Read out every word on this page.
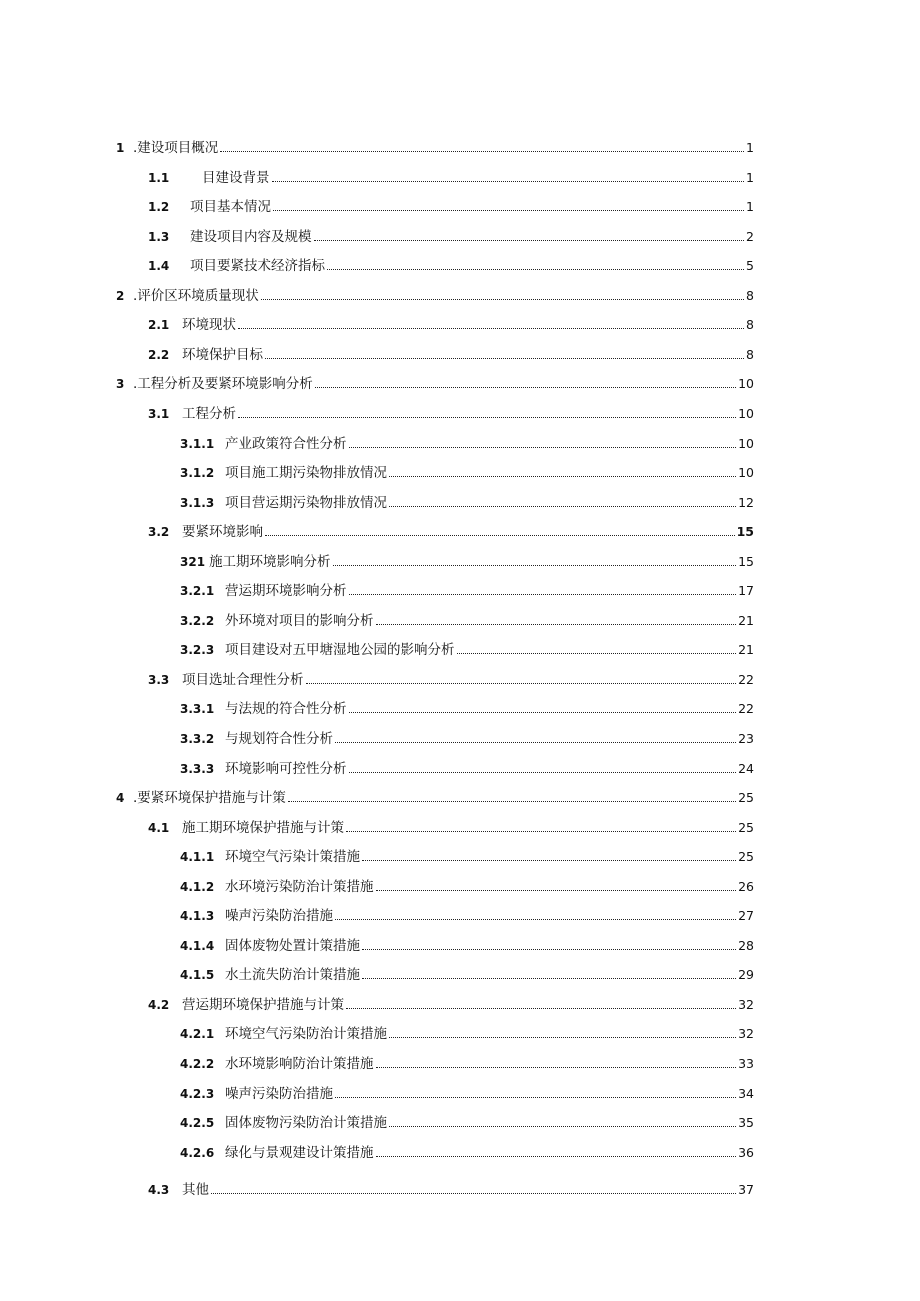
1 .建设项目概况	1
1.1	目建设背景	1
1.2	项目基本情况	1
1.3	建设项目内容及规模	2
1.4	项目要紧技术经济指标	5
2 .评价区环境质量现状	8
2.1 环境现状	8
2.2 环境保护目标	8
3 .工程分析及要紧环境影响分析	10
3.1 工程分析	10
3.1.1 产业政策符合性分析	10
3.1.2 项目施工期污染物排放情况	10
3.1.3 项目营运期污染物排放情况	12
3.2 要紧环境影响	15
321 施工期环境影响分析	15
3.2.1 营运期环境影响分析	17
3.2.2 外环境对项目的影响分析	21
3.2.3 项目建设对五甲塘湿地公园的影响分析	21
3.3 项目选址合理性分析	22
3.3.1 与法规的符合性分析	22
3.3.2 与规划符合性分析	23
3.3.3 环境影响可控性分析	24
4 .要紧环境保护措施与计策	25
4.1 施工期环境保护措施与计策	25
4.1.1 环境空气污染计策措施	25
4.1.2 水环境污染防治计策措施	26
4.1.3 噪声污染防治措施	27
4.1.4 固体废物处置计策措施	28
4.1.5 水土流失防治计策措施	29
4.2 营运期环境保护措施与计策	32
4.2.1 环境空气污染防治计策措施	32
4.2.2 水环境影响防治计策措施	33
4.2.3 噪声污染防治措施	34
4.2.5 固体废物污染防治计策措施	35
4.2.6 绿化与景观建设计策措施	36
4.3 其他	37
